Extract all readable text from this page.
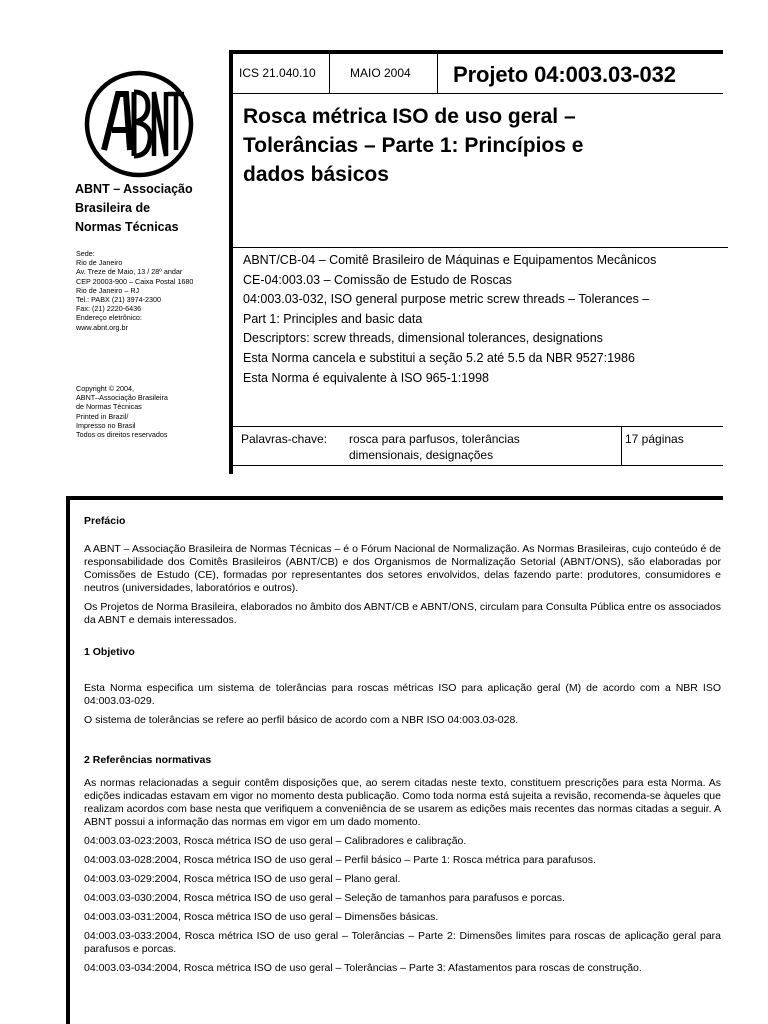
ABNT – Associação
Brasileira de
Normas Técnicas
Sede:
Rio de Janeiro
Av. Treze de Maio, 13 / 28º andar
CEP 20003-900 – Caixa Postal 1680
Rio de Janeiro – RJ
Tel.: PABX (21) 3974-2300
Fax: (21) 2220-6436
Endereço eletrônico:
www.abnt.org.br
Copyright © 2004,
ABNT–Associação Brasileira
de Normas Técnicas
Printed in Brazil/
Impresso no Brasil
Todos os direitos reservados
ICS 21.040.10	MAIO 2004 Projeto 04:003.03-032
Rosca métrica ISO de uso geral –
Tolerâncias – Parte 1: Princípios e
dados básicos
ABNT/CB-04 – Comitê Brasileiro de Máquinas e Equipamentos Mecânicos
CE-04:003.03 – Comissão de Estudo de Roscas
04:003.03-032, ISO general purpose metric screw threads – Tolerances –
Part 1: Principles and basic data
Descriptors: screw threads, dimensional tolerances, designations
Esta Norma cancela e substitui a seção 5.2 até 5.5 da NBR 9527:1986
Esta Norma é equivalente à ISO 965-1:1998
Palavras-chave: rosca para parfusos, tolerâncias
dimensionais, designações
17 páginas
Prefácio

A ABNT – Associação Brasileira de Normas Técnicas – é o Fórum Nacional de Normalização. As Normas Brasileiras, cujo conteúdo é de responsabilidade dos Comitês Brasileiros (ABNT/CB) e dos Organismos de Normalização Setorial (ABNT/ONS), são elaboradas por Comissões de Estudo (CE), formadas por representantes dos setores envolvidos, delas fazendo parte: produtores, consumidores e neutros (universidades, laboratórios e outros).

Os Projetos de Norma Brasileira, elaborados no âmbito dos ABNT/CB e ABNT/ONS, circulam para Consulta Pública entre os associados da ABNT e demais interessados.

1 Objetivo

Esta Norma especifica um sistema de tolerâncias para roscas métricas ISO para aplicação geral (M) de acordo com a NBR ISO 04:003.03-029.

O sistema de tolerâncias se refere ao perfil básico de acordo com a NBR ISO 04:003.03-028.

2 Referências normativas

As normas relacionadas a seguir contêm disposições que, ao serem citadas neste texto, constituem prescrições para esta Norma. As edições indicadas estavam em vigor no momento desta publicação. Como toda norma está sujeita a revisão, recomenda-se àqueles que realizam acordos com base nesta que verifiquem a conveniência de se usarem as edições mais recentes das normas citadas a seguir. A ABNT possui a informação das normas em vigor em um dado momento.

04:003.03-023:2003, Rosca métrica ISO de uso geral – Calibradores e calibração.

04:003.03-028:2004, Rosca métrica ISO de uso geral – Perfil básico – Parte 1: Rosca métrica para parafusos.

04:003.03-029:2004, Rosca métrica ISO de uso geral – Plano geral.

04:003.03-030:2004, Rosca métrica ISO de uso geral – Seleção de tamanhos para parafusos e porcas.

04:003.03-031:2004, Rosca métrica ISO de uso geral – Dimensões básicas.

04:003.03-033:2004, Rosca métrica ISO de uso geral – Tolerâncias – Parte 2: Dimensões limites para roscas de aplicação geral para parafusos e porcas.

04:003.03-034:2004, Rosca métrica ISO de uso geral – Tolerâncias – Parte 3: Afastamentos para roscas de construção.
